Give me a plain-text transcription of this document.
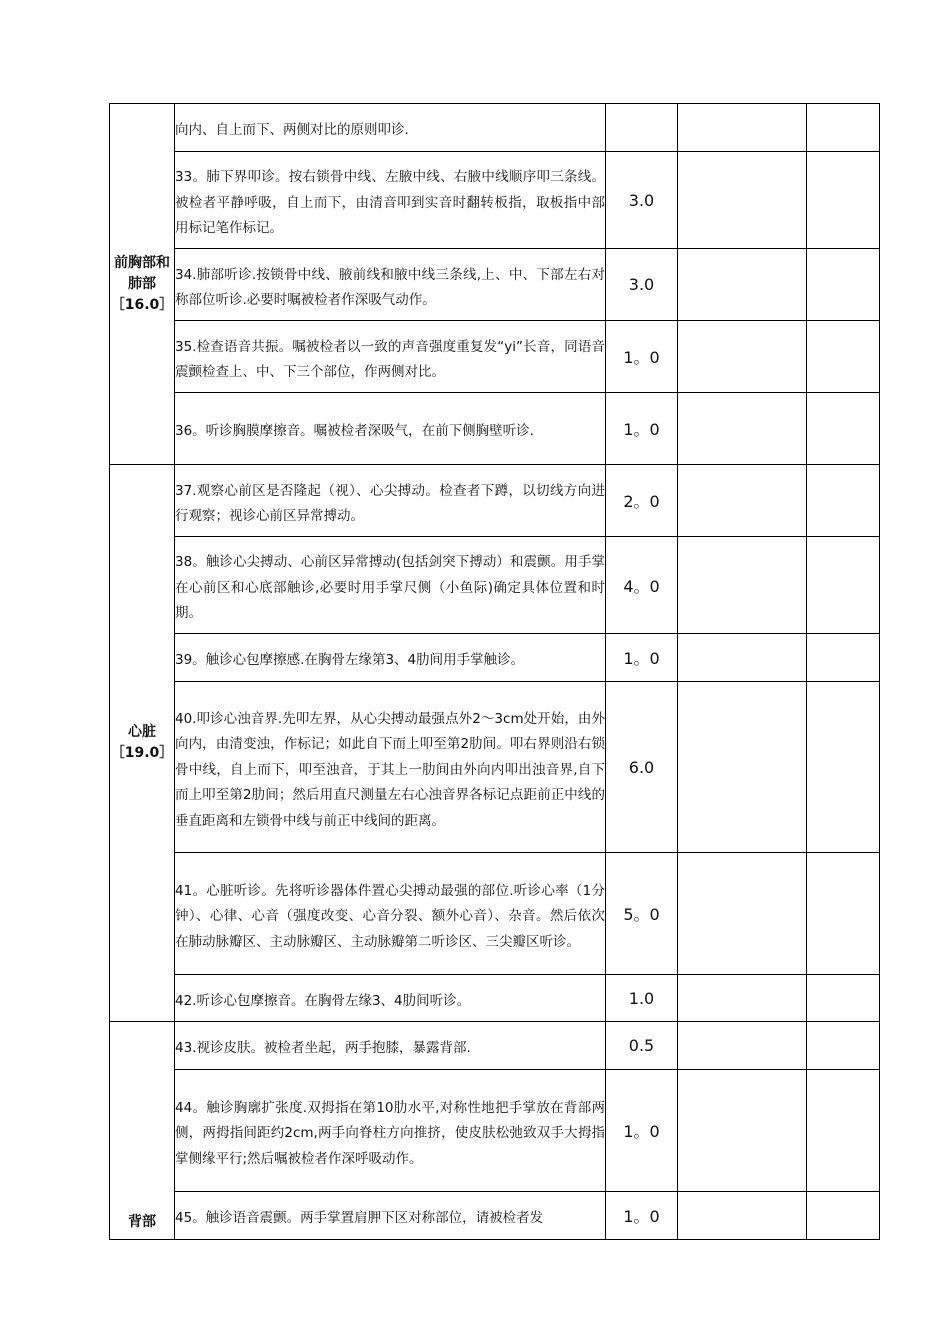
前胸部和肺部［16.0］	向内、自上而下、两侧对比的原则叩诊.			

	33。肺下界叩诊。按右锁骨中线、左腋中线、右腋中线顺序叩三条线。被检者平静呼吸，自上而下，由清音叩到实音时翻转板指，取板指中部用标记笔作标记。	3.0		

	34.肺部听诊.按锁骨中线、腋前线和腋中线三条线,上、中、下部左右对称部位听诊.必要时嘱被检者作深吸气动作。	3.0		

	35.检查语音共振。嘱被检者以一致的声音强度重复发“yi”长音，同语音震颤检查上、中、下三个部位，作两侧对比。	1。0		

	36。听诊胸膜摩擦音。嘱被检者深吸气，在前下侧胸壁听诊.	1。0		
心脏［19.0］	37.观察心前区是否隆起（视）、心尖搏动。检查者下蹲，以切线方向进行观察；视诊心前区异常搏动。	2。0		

	38。触诊心尖搏动、心前区异常搏动(包括剑突下搏动）和震颤。用手掌在心前区和心底部触诊,必要时用手掌尺侧（小鱼际)确定具体位置和时期。	4。0		

	39。触诊心包摩擦感.在胸骨左缘第3、4肋间用手掌触诊。	1。0		

	40.叩诊心浊音界.先叩左界，从心尖搏动最强点外2～3cm处开始，由外向内，由清变浊，作标记；如此自下而上叩至第2肋间。叩右界则沿右锁骨中线，自上而下，叩至浊音，于其上一肋间由外向内叩出浊音界,自下而上叩至第2肋间；然后用直尺测量左右心浊音界各标记点距前正中线的垂直距离和左锁骨中线与前正中线间的距离。	6.0		

	41。心脏听诊。先将听诊器体件置心尖搏动最强的部位.听诊心率（1分钟）、心律、心音（强度改变、心音分裂、额外心音）、杂音。然后依次在肺动脉瓣区、主动脉瓣区、主动脉瓣第二听诊区、三尖瓣区听诊。	5。0		

	42.听诊心包摩擦音。在胸骨左缘3、4肋间听诊。	1.0		
背部	43.视诊皮肤。被检者坐起，两手抱膝，暴露背部.	0.5		

	44。触诊胸廓扩张度.双拇指在第10肋水平,对称性地把手掌放在背部两侧，两拇指间距约2cm,两手向脊柱方向推挤，使皮肤松弛致双手大拇指掌侧缘平行;然后嘱被检者作深呼吸动作。	1。0		

	45。触诊语音震颤。两手掌置肩胛下区对称部位，请被检者发	1。0		
